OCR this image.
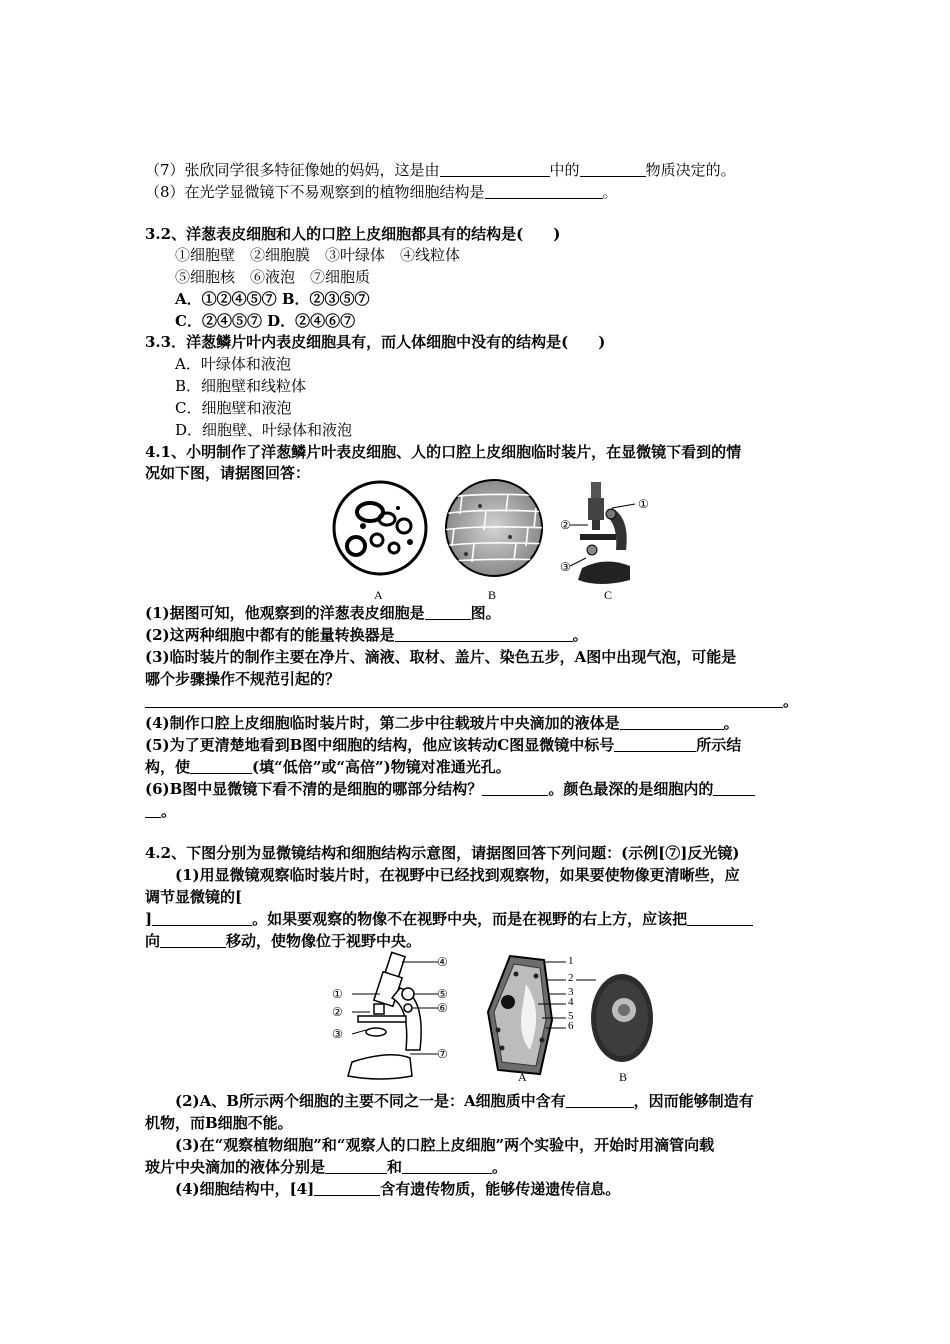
（7）张欣同学很多特征像她的妈妈，这是由	中的	物质决定的。
（8）在光学显微镜下不易观察到的植物细胞结构是	。
3.2、洋葱表皮细胞和人的口腔上皮细胞都具有的结构是(　　)
①细胞壁　②细胞膜　③叶绿体　④线粒体
⑤细胞核　⑥液泡　⑦细胞质
A．①②④⑤⑦ B．②③⑤⑦
C．②④⑤⑦ D．②④⑥⑦
3.3．洋葱鳞片叶内表皮细胞具有，而人体细胞中没有的结构是(　　)
A．叶绿体和液泡
B．细胞壁和线粒体
C．细胞壁和液泡
D．细胞壁、叶绿体和液泡
4.1、小明制作了洋葱鳞片叶表皮细胞、人的口腔上皮细胞临时装片，在显微镜下看到的情
况如下图，请据图回答：
①
②
③
A	B	C
(1)据图可知，他观察到的洋葱表皮细胞是	图。
(2)这两种细胞中都有的能量转换器是	。
(3)临时装片的制作主要在净片、滴液、取材、盖片、染色五步，A图中出现气泡，可能是
哪个步骤操作不规范引起的？
。
(4)制作口腔上皮细胞临时装片时，第二步中往载玻片中央滴加的液体是	。
(5)为了更清楚地看到B图中细胞的结构，他应该转动C图显微镜中标号	所示结
构，使	(填“低倍”或“高倍”)物镜对准通光孔。
(6)B图中显微镜下看不清的是细胞的哪部分结构？	。颜色最深的是细胞内的
。
4.2、下图分别为显微镜结构和细胞结构示意图，请据图回答下列问题：(示例[⑦]反光镜)
(1)用显微镜观察临时装片时，在视野中已经找到观察物，如果要使物像更清晰些，应
调节显微镜的[
]	。如果要观察的物像不在视野中央，而是在视野的右上方，应该把
向	移动，使物像位于视野中央。
④
①	⑤
②	⑥
③
⑦
1
2
3
4
5
6
A	B
(2)A、B所示两个细胞的主要不同之一是：A细胞质中含有	，因而能够制造有
机物，而B细胞不能。
(3)在“观察植物细胞”和“观察人的口腔上皮细胞”两个实验中，开始时用滴管向载
玻片中央滴加的液体分别是	和	。
(4)细胞结构中，[4]	含有遗传物质，能够传递遗传信息。
